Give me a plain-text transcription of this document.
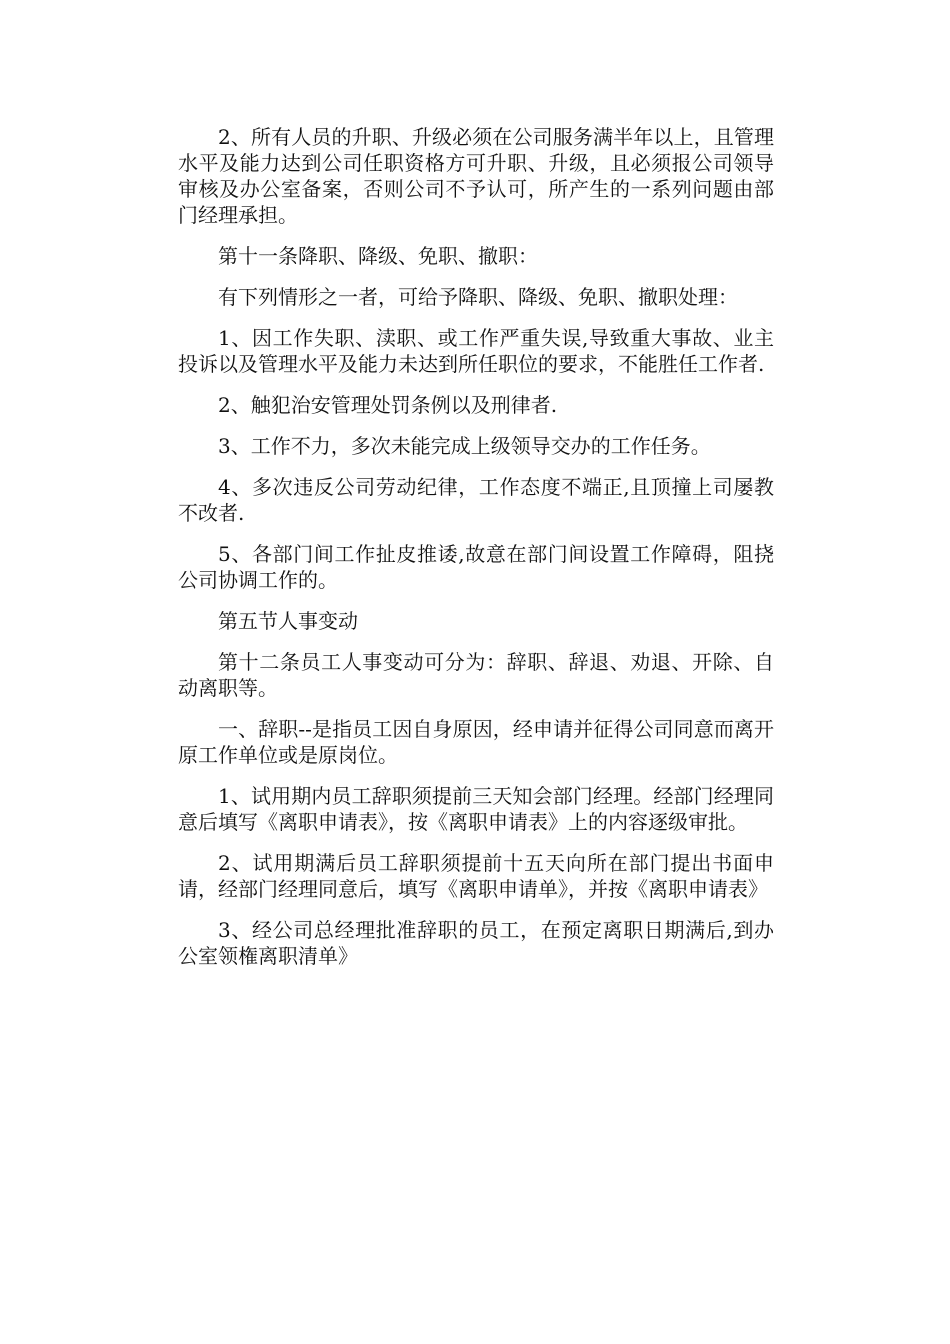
2、所有人员的升职、升级必须在公司服务满半年以上，且管理水平及能力达到公司任职资格方可升职、升级，且必须报公司领导审核及办公室备案，否则公司不予认可，所产生的一系列问题由部门经理承担。

第十一条降职、降级、免职、撤职：

有下列情形之一者，可给予降职、降级、免职、撤职处理：

1、因工作失职、渎职、或工作严重失误,导致重大事故、业主投诉以及管理水平及能力未达到所任职位的要求，不能胜任工作者.

2、触犯治安管理处罚条例以及刑律者.

3、工作不力，多次未能完成上级领导交办的工作任务。

4、多次违反公司劳动纪律，工作态度不端正,且顶撞上司屡教不改者.

5、各部门间工作扯皮推诿,故意在部门间设置工作障碍，阻挠公司协调工作的。

第五节人事变动

第十二条员工人事变动可分为：辞职、辞退、劝退、开除、自动离职等。

一、辞职--是指员工因自身原因，经申请并征得公司同意而离开原工作单位或是原岗位。

1、试用期内员工辞职须提前三天知会部门经理。经部门经理同意后填写《离职申请表》，按《离职申请表》上的内容逐级审批。

2、试用期满后员工辞职须提前十五天向所在部门提出书面申请，经部门经理同意后，填写《离职申请单》，并按《离职申请表》

3、经公司总经理批准辞职的员工，在预定离职日期满后,到办公室领権离职清单》
